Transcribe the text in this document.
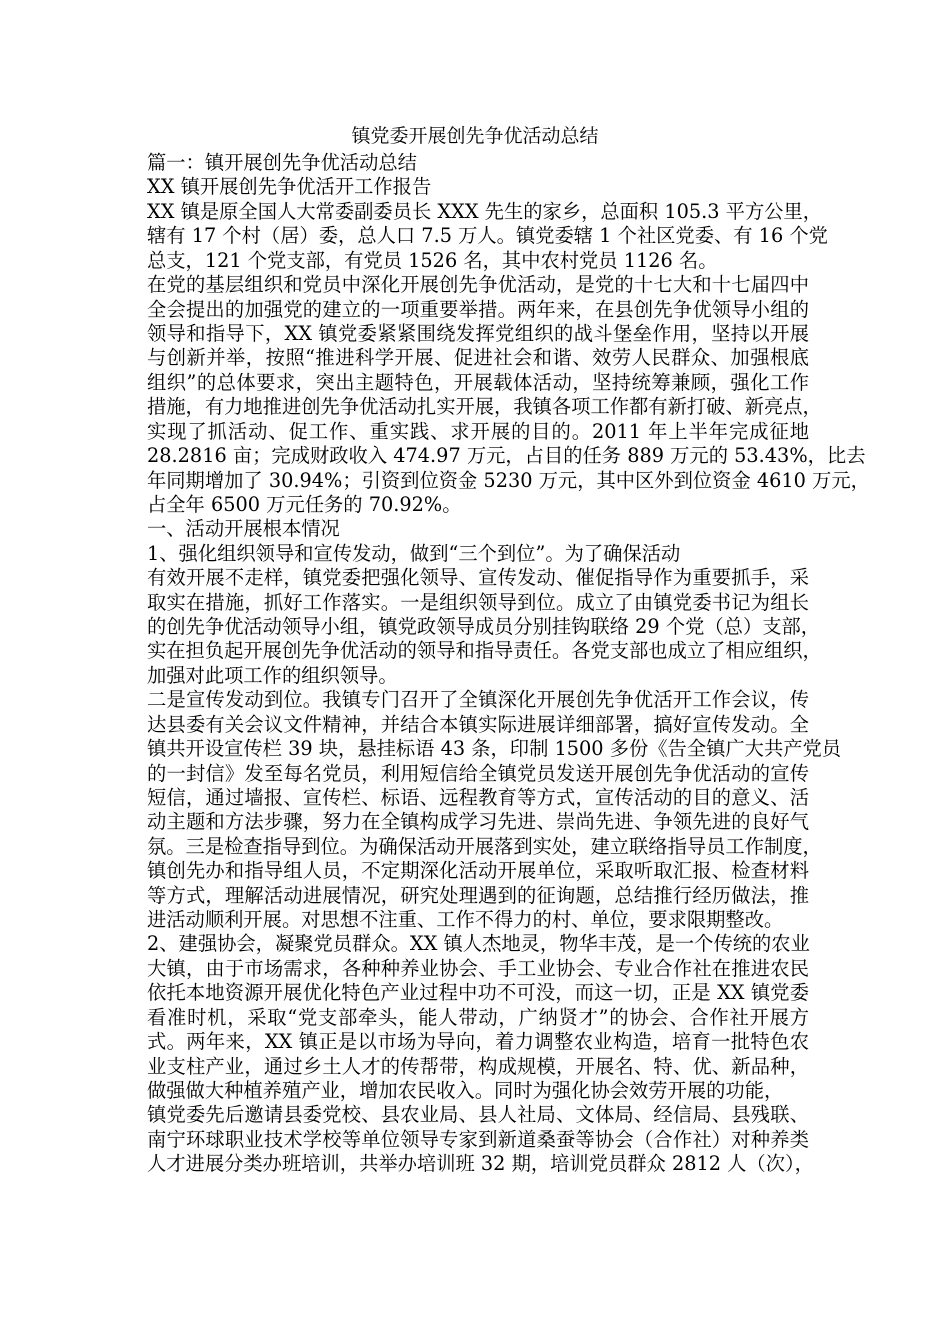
镇党委开展创先争优活动总结
篇一：镇开展创先争优活动总结
XX 镇开展创先争优活开工作报告
XX 镇是原全国人大常委副委员长 XXX 先生的家乡，总面积 105.3 平方公里，
辖有 17 个村（居）委，总人口 7.5 万人。镇党委辖 1 个社区党委、有 16 个党
总支，121 个党支部，有党员 1526 名，其中农村党员 1126 名。
在党的基层组织和党员中深化开展创先争优活动，是党的十七大和十七届四中
全会提出的加强党的建立的一项重要举措。两年来，在县创先争优领导小组的
领导和指导下，XX 镇党委紧紧围绕发挥党组织的战斗堡垒作用，坚持以开展
与创新并举，按照“推进科学开展、促进社会和谐、效劳人民群众、加强根底
组织”的总体要求，突出主题特色，开展载体活动，坚持统筹兼顾，强化工作
措施，有力地推进创先争优活动扎实开展，我镇各项工作都有新打破、新亮点，
实现了抓活动、促工作、重实践、求开展的目的。2011 年上半年完成征地
28.2816 亩；完成财政收入 474.97 万元，占目的任务 889 万元的 53.43%，比去
年同期增加了 30.94%；引资到位资金 5230 万元，其中区外到位资金 4610 万元，
占全年 6500 万元任务的 70.92%。
一、活动开展根本情况
1、强化组织领导和宣传发动，做到“三个到位”。为了确保活动
有效开展不走样，镇党委把强化领导、宣传发动、催促指导作为重要抓手，采
取实在措施，抓好工作落实。一是组织领导到位。成立了由镇党委书记为组长
的创先争优活动领导小组，镇党政领导成员分别挂钩联络 29 个党（总）支部，
实在担负起开展创先争优活动的领导和指导责任。各党支部也成立了相应组织，
加强对此项工作的组织领导。
二是宣传发动到位。我镇专门召开了全镇深化开展创先争优活开工作会议，传
达县委有关会议文件精神，并结合本镇实际进展详细部署，搞好宣传发动。全
镇共开设宣传栏 39 块，悬挂标语 43 条，印制 1500 多份《告全镇广大共产党员
的一封信》发至每名党员，利用短信给全镇党员发送开展创先争优活动的宣传
短信，通过墙报、宣传栏、标语、远程教育等方式，宣传活动的目的意义、活
动主题和方法步骤，努力在全镇构成学习先进、崇尚先进、争领先进的良好气
氛。三是检查指导到位。为确保活动开展落到实处，建立联络指导员工作制度，
镇创先办和指导组人员，不定期深化活动开展单位，采取听取汇报、检查材料
等方式，理解活动进展情况，研究处理遇到的征询题，总结推行经历做法，推
进活动顺利开展。对思想不注重、工作不得力的村、单位，要求限期整改。
2、建强协会，凝聚党员群众。XX 镇人杰地灵，物华丰茂，是一个传统的农业
大镇，由于市场需求，各种种养业协会、手工业协会、专业合作社在推进农民
依托本地资源开展优化特色产业过程中功不可没，而这一切，正是 XX 镇党委
看准时机，采取“党支部牵头，能人带动，广纳贤才”的协会、合作社开展方
式。两年来，XX 镇正是以市场为导向，着力调整农业构造，培育一批特色农
业支柱产业，通过乡土人才的传帮带，构成规模，开展名、特、优、新品种，
做强做大种植养殖产业，增加农民收入。同时为强化协会效劳开展的功能，
镇党委先后邀请县委党校、县农业局、县人社局、文体局、经信局、县残联、
南宁环球职业技术学校等单位领导专家到新道桑蚕等协会（合作社）对种养类
人才进展分类办班培训，共举办培训班 32 期，培训党员群众 2812 人（次），
